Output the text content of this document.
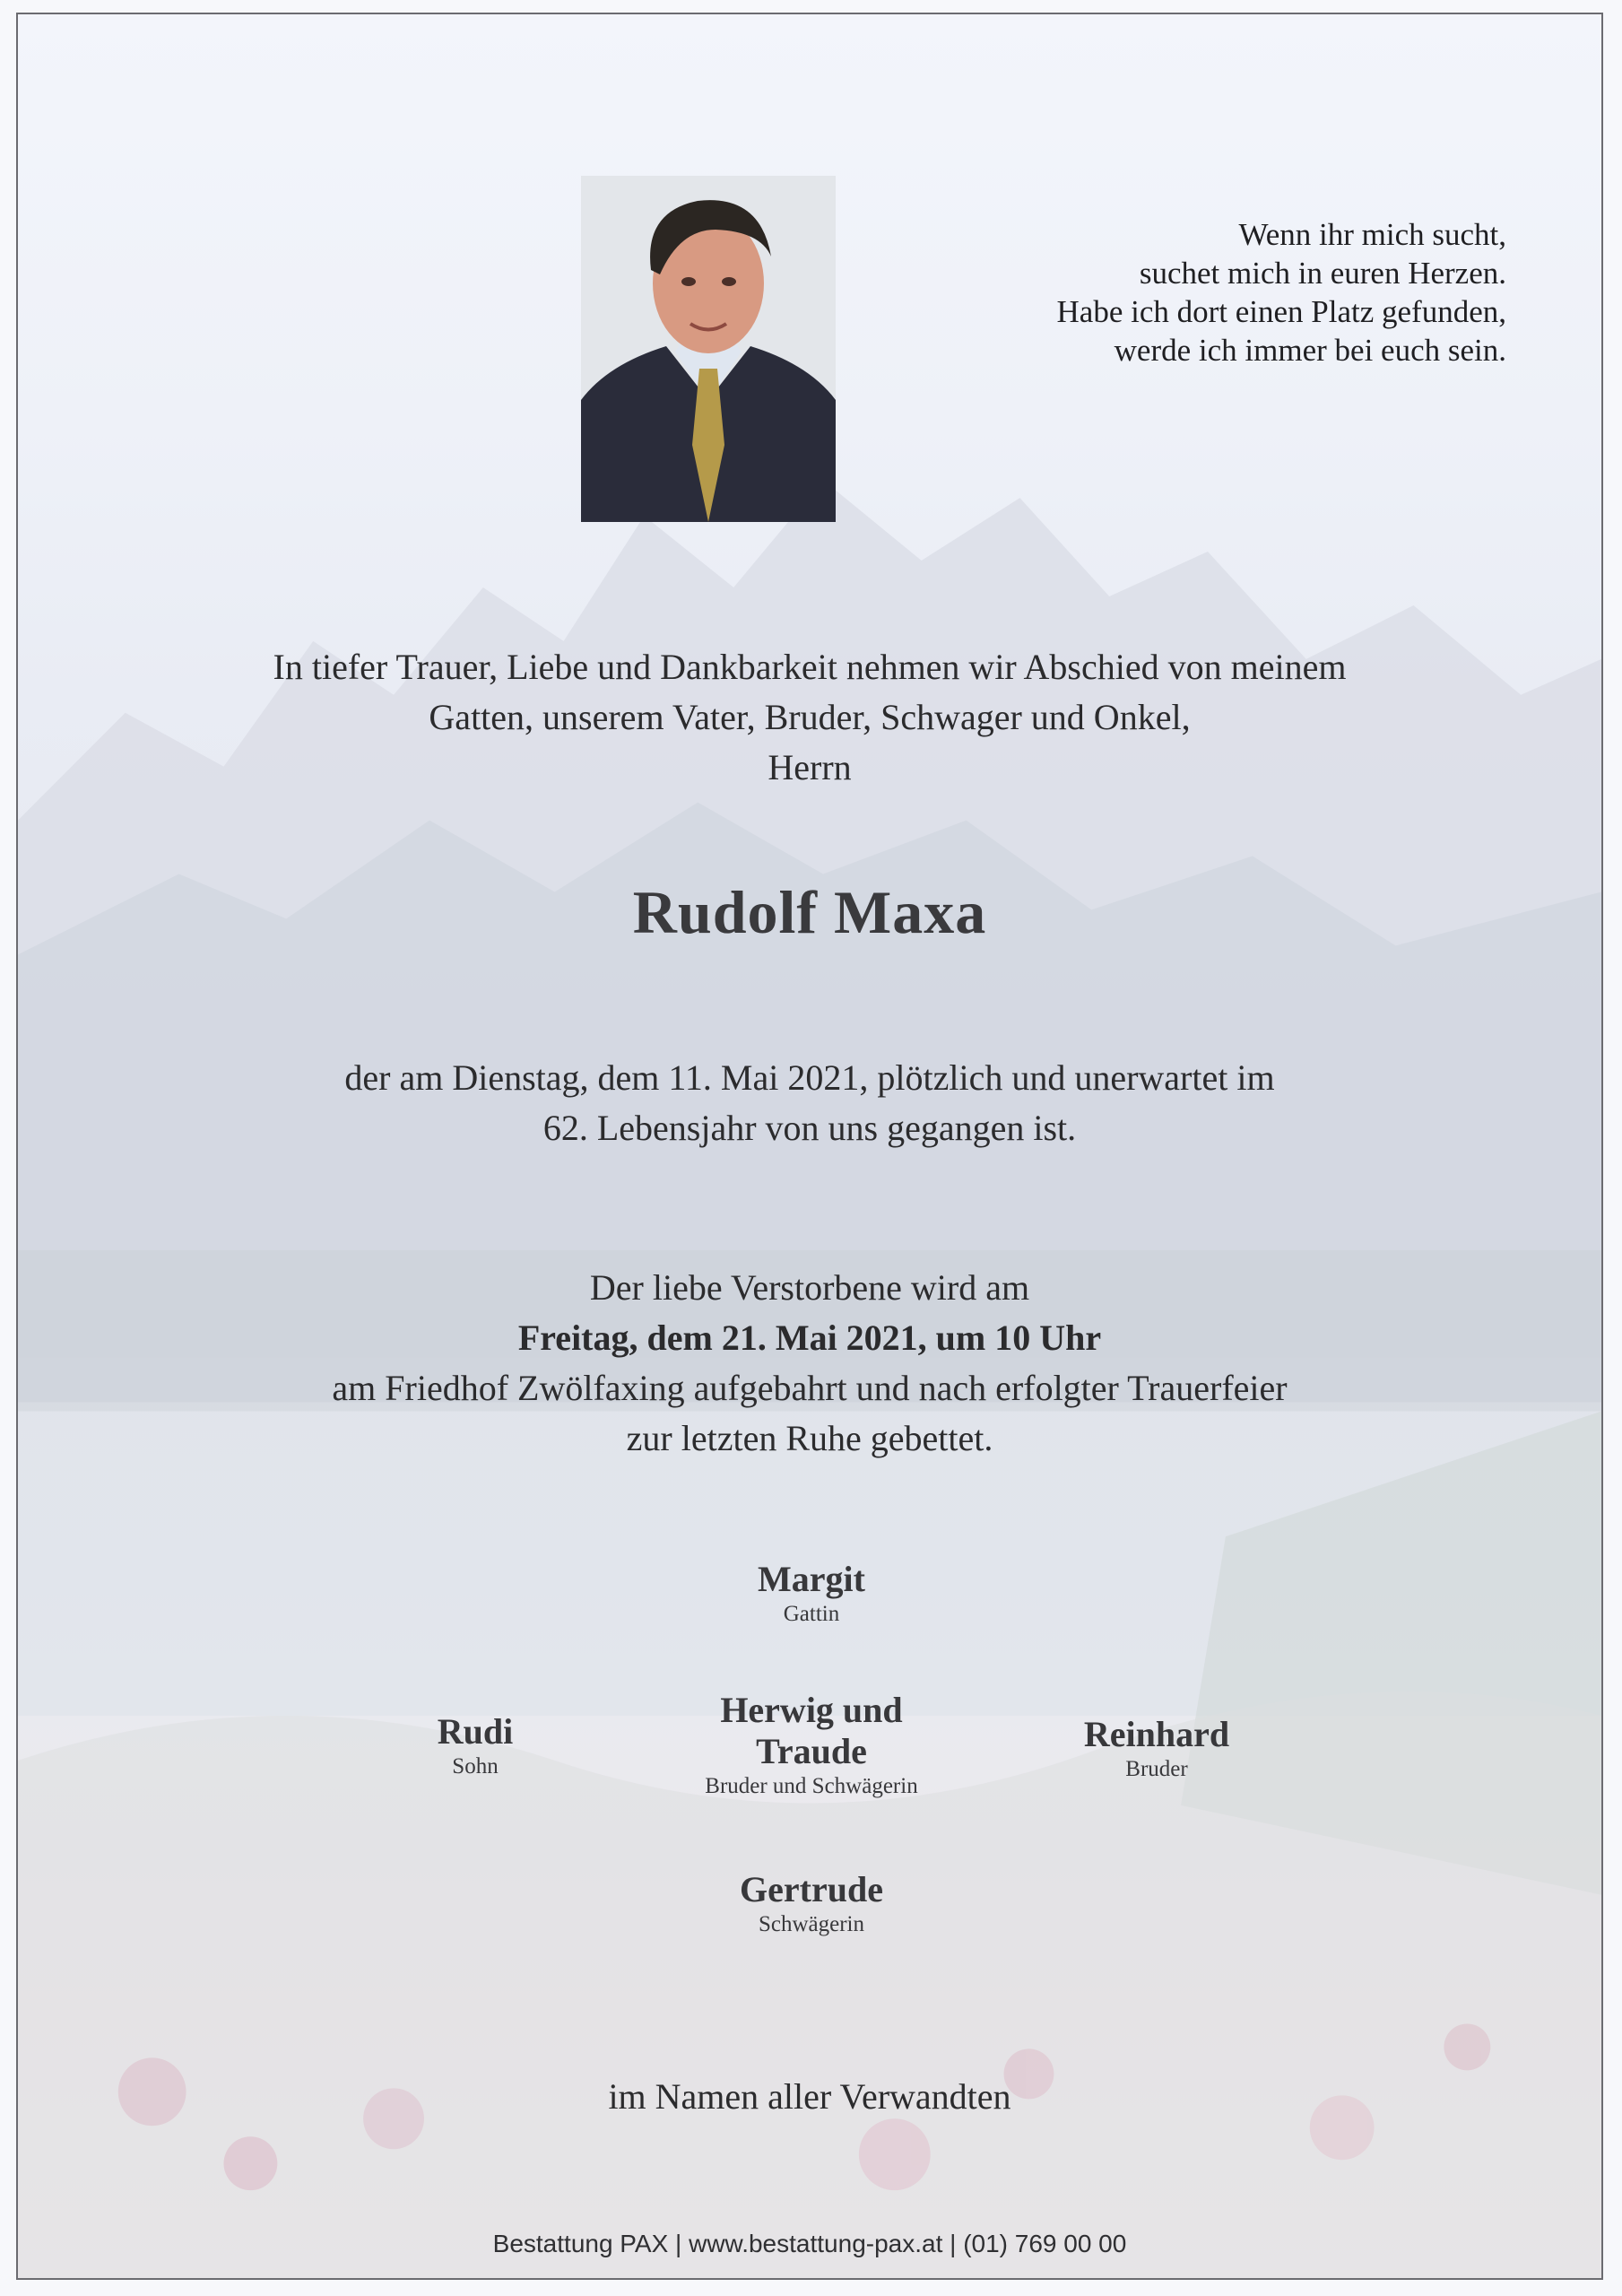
Wenn ihr mich sucht,
suchet mich in euren Herzen.
Habe ich dort einen Platz gefunden,
werde ich immer bei euch sein.
In tiefer Trauer, Liebe und Dankbarkeit nehmen wir Abschied von meinem
Gatten, unserem Vater, Bruder, Schwager und Onkel,
Herrn
Rudolf Maxa
der am Dienstag, dem 11. Mai 2021, plötzlich und unerwartet im
62. Lebensjahr von uns gegangen ist.
Der liebe Verstorbene wird am
Freitag, dem 21. Mai 2021, um 10 Uhr
am Friedhof Zwölfaxing aufgebahrt und nach erfolgter Trauerfeier
zur letzten Ruhe gebettet.
Margit
Gattin
Rudi
Sohn
Herwig und
Traude
Bruder und Schwägerin
Reinhard
Bruder
Gertrude
Schwägerin
im Namen aller Verwandten
Bestattung PAX | www.bestattung-pax.at | (01) 769 00 00
